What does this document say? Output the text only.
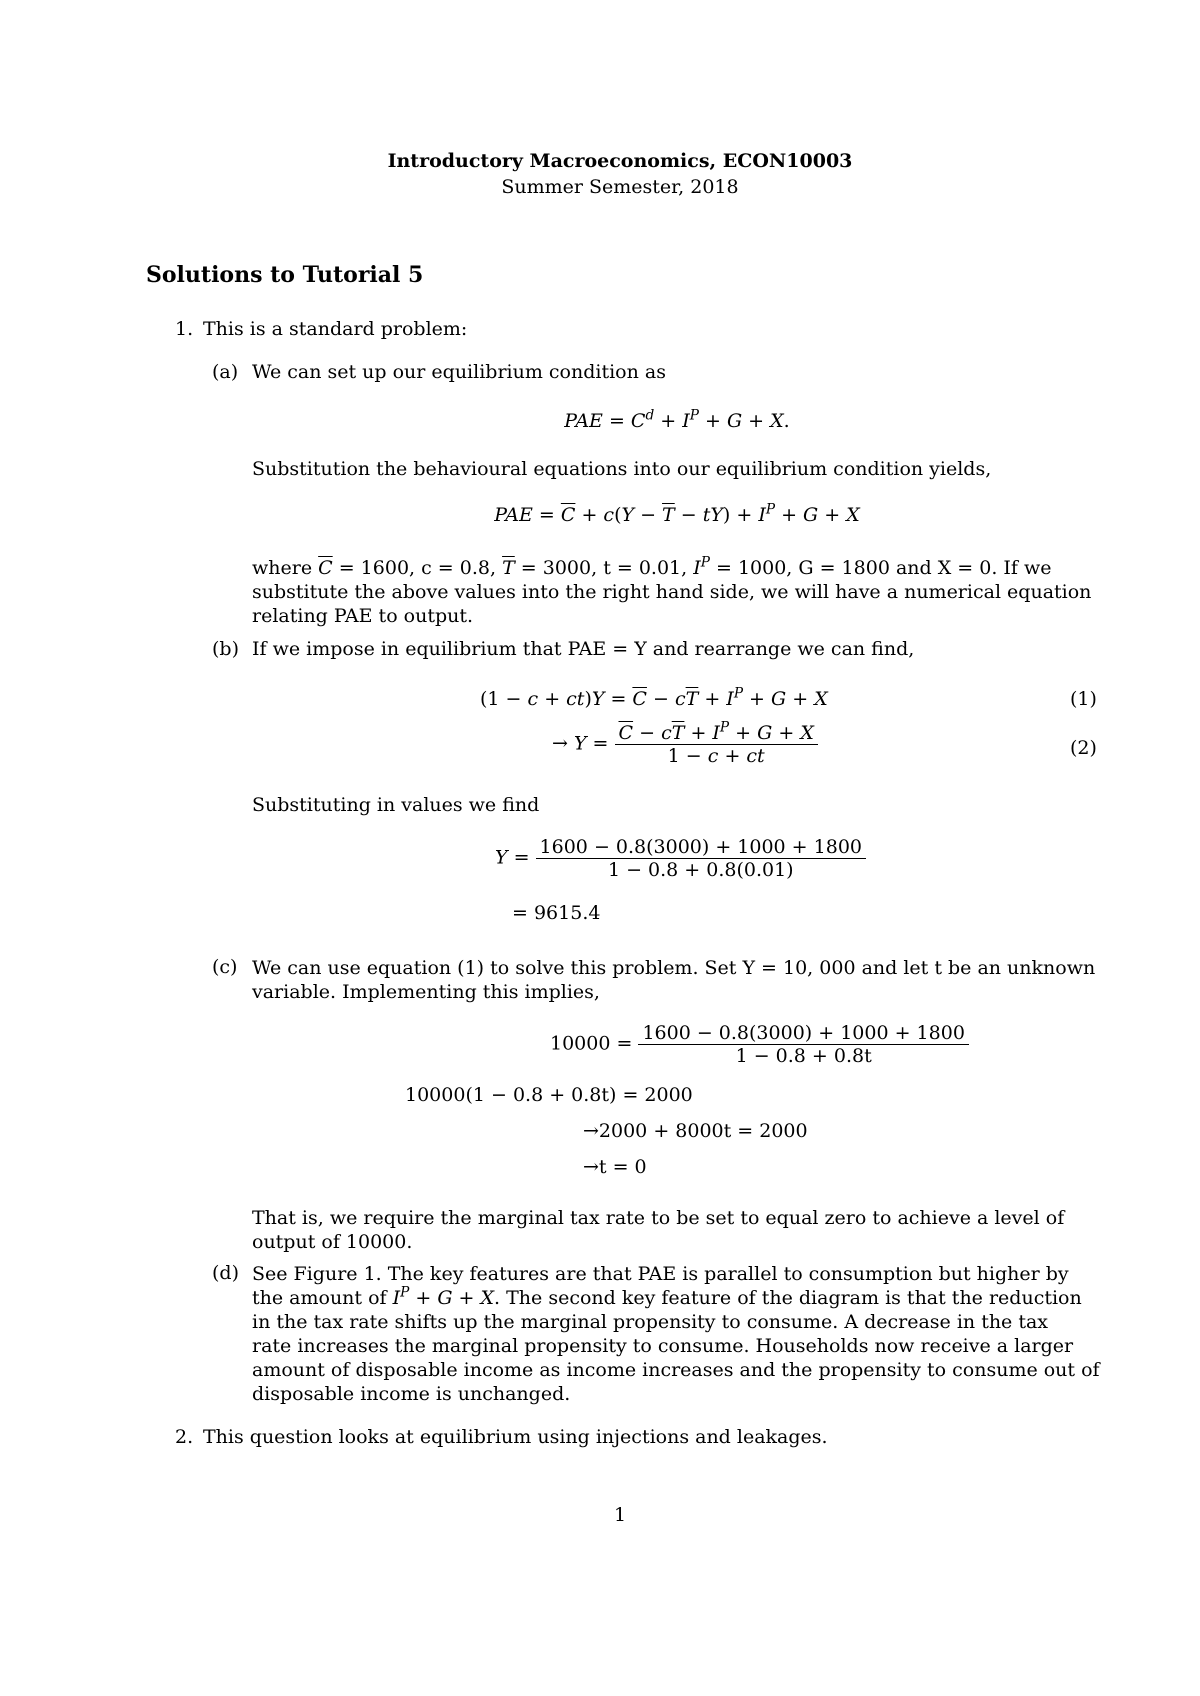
Introductory Macroeconomics, ECON10003
Summer Semester, 2018
Solutions to Tutorial 5
1. This is a standard problem:
(a) We can set up our equilibrium condition as
PAE = $C^d + I^P + G + X$.
Substitution the behavioural equations into our equilibrium condition yields,
PAE = $\overline{C} + c(Y - \overline{T} - tY) + I^P + G + X$
where $\overline{C} = 1600$, c = 0.8, $\overline{T} = 3000$, t = 0.01, $I^P = 1000$, G = 1800 and X = 0. If we
substitute the above values into the right hand side, we will have a numerical equation
relating PAE to output.
(b) If we impose in equilibrium that PAE = Y and rearrange we can find,
$(1 - c + ct)Y = \overline{C} - c\overline{T} + I^P + G + X$	(1)
→ $Y = \frac{\overline{C} - c\overline{T} + I^P + G + X}{1 - c + ct}$	(2)
Substituting in values we find
$Y = \frac{1600 - 0.8(3000) + 1000 + 1800}{1 - 0.8 + 0.8(0.01)}$
= 9615.4
(c) We can use equation (1) to solve this problem. Set Y = 10, 000 and let t be an unknown
variable. Implementing this implies,
$10000 = \frac{1600 - 0.8(3000) + 1000 + 1800}{1 - 0.8 + 0.8t}$
10000(1 − 0.8 + 0.8t) = 2000
→2000 + 8000t = 2000
→t = 0
That is, we require the marginal tax rate to be set to equal zero to achieve a level of
output of 10000.
(d) See Figure 1. The key features are that PAE is parallel to consumption but higher by
the amount of $I^P + G + X$. The second key feature of the diagram is that the reduction
in the tax rate shifts up the marginal propensity to consume. A decrease in the tax
rate increases the marginal propensity to consume. Households now receive a larger
amount of disposable income as income increases and the propensity to consume out of
disposable income is unchanged.
2. This question looks at equilibrium using injections and leakages.
1
